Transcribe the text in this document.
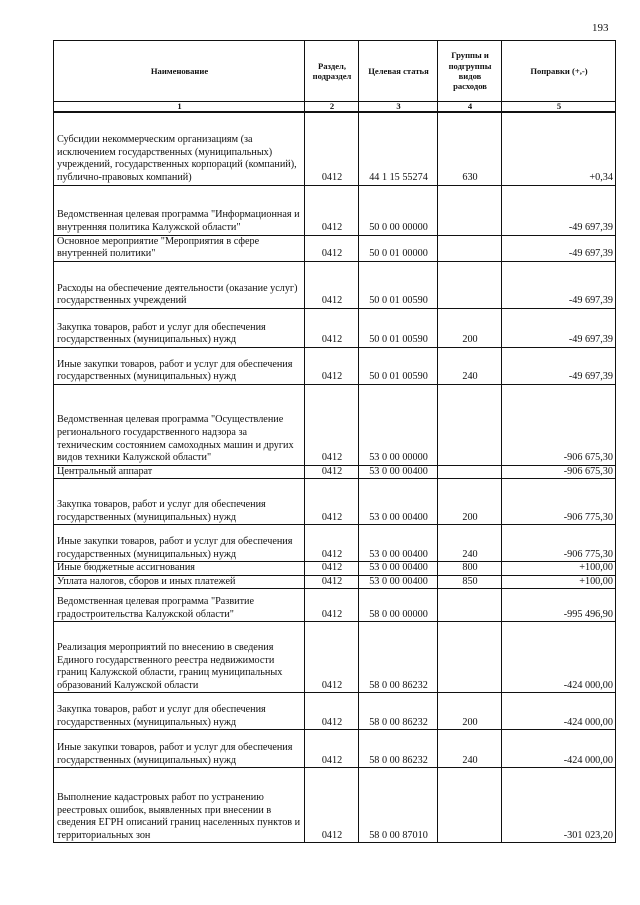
193
Наименование	Раздел, подраздел	Целевая статья	Группы и подгруппы видов расходов	Поправки (+,-)
1	2	3	4	5
Субсидии некоммерческим организациям (за исключением государственных (муниципальных) учреждений, государственных корпораций (компаний), публично-правовых компаний)	0412	44 1 15 55274	630	+0,34
Ведомственная целевая программа "Информационная и внутренняя политика Калужской области"	0412	50 0 00 00000		-49 697,39
Основное мероприятие "Мероприятия в сфере внутренней политики"	0412	50 0 01 00000		-49 697,39
Расходы на обеспечение деятельности (оказание услуг) государственных учреждений	0412	50 0 01 00590		-49 697,39
Закупка товаров, работ и услуг для обеспечения государственных (муниципальных) нужд	0412	50 0 01 00590	200	-49 697,39
Иные закупки товаров, работ и услуг для обеспечения государственных (муниципальных) нужд	0412	50 0 01 00590	240	-49 697,39
Ведомственная целевая программа "Осуществление регионального государственного надзора за техническим состоянием самоходных машин и других видов техники Калужской области"	0412	53 0 00 00000		-906 675,30
Центральный аппарат	0412	53 0 00 00400		-906 675,30
Закупка товаров, работ и услуг для обеспечения государственных (муниципальных) нужд	0412	53 0 00 00400	200	-906 775,30
Иные закупки товаров, работ и услуг для обеспечения государственных (муниципальных) нужд	0412	53 0 00 00400	240	-906 775,30
Иные бюджетные ассигнования	0412	53 0 00 00400	800	+100,00
Уплата налогов, сборов и иных платежей	0412	53 0 00 00400	850	+100,00
Ведомственная целевая программа "Развитие градостроительства Калужской области"	0412	58 0 00 00000		-995 496,90
Реализация мероприятий по внесению в сведения Единого государственного реестра недвижимости границ Калужской области, границ муниципальных образований Калужской области	0412	58 0 00 86232		-424 000,00
Закупка товаров, работ и услуг для обеспечения государственных (муниципальных) нужд	0412	58 0 00 86232	200	-424 000,00
Иные закупки товаров, работ и услуг для обеспечения государственных (муниципальных) нужд	0412	58 0 00 86232	240	-424 000,00
Выполнение кадастровых работ по устранению реестровых ошибок, выявленных при внесении в сведения ЕГРН описаний границ населенных пунктов и территориальных зон	0412	58 0 00 87010		-301 023,20
